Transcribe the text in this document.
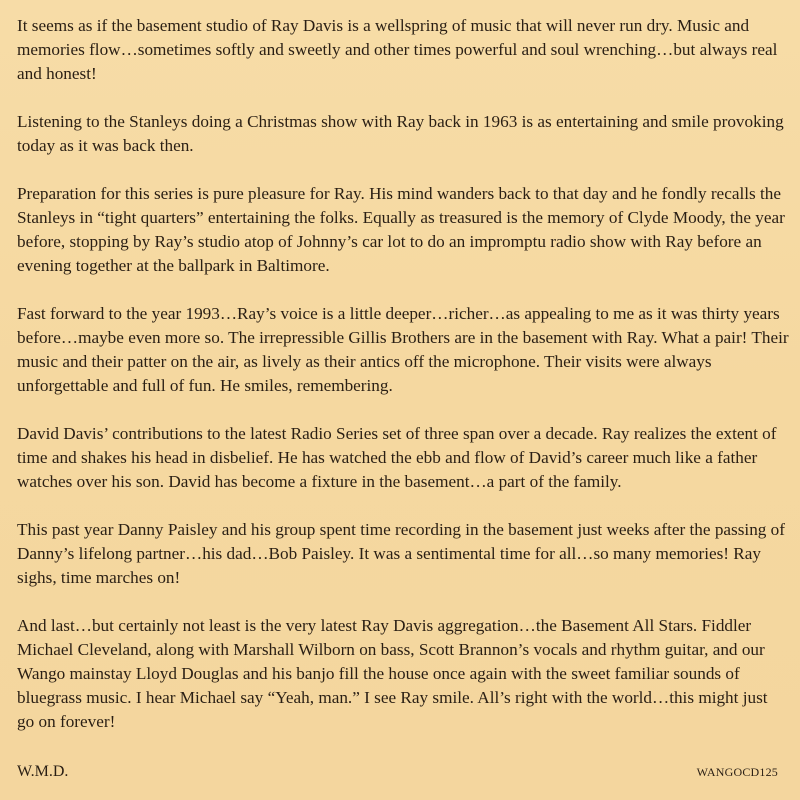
It seems as if the basement studio of Ray Davis is a wellspring of music that will never run dry. Music and memories flow…sometimes softly and sweetly and other times powerful and soul wrenching…but always real and honest!

Listening to the Stanleys doing a Christmas show with Ray back in 1963 is as entertaining and smile provoking today as it was back then.

Preparation for this series is pure pleasure for Ray. His mind wanders back to that day and he fondly recalls the Stanleys in “tight quarters” entertaining the folks. Equally as treasured is the memory of Clyde Moody, the year before, stopping by Ray’s studio atop of Johnny’s car lot to do an impromptu radio show with Ray before an evening together at the ballpark in Baltimore.

Fast forward to the year 1993…Ray’s voice is a little deeper…richer…as appealing to me as it was thirty years before…maybe even more so. The irrepressible Gillis Brothers are in the basement with Ray. What a pair! Their music and their patter on the air, as lively as their antics off the microphone. Their visits were always unforgettable and full of fun. He smiles, remembering.

David Davis’ contributions to the latest Radio Series set of three span over a decade. Ray realizes the extent of time and shakes his head in disbelief. He has watched the ebb and flow of David’s career much like a father watches over his son. David has become a fixture in the basement…a part of the family.

This past year Danny Paisley and his group spent time recording in the basement just weeks after the passing of Danny’s lifelong partner…his dad…Bob Paisley. It was a sentimental time for all…so many memories! Ray sighs, time marches on!

And last…but certainly not least is the very latest Ray Davis aggregation…the Basement All Stars. Fiddler Michael Cleveland, along with Marshall Wilborn on bass, Scott Brannon’s vocals and rhythm guitar, and our Wango mainstay Lloyd Douglas and his banjo fill the house once again with the sweet familiar sounds of bluegrass music. I hear Michael say “Yeah, man.” I see Ray smile. All’s right with the world…this might just go on forever!

W.M.D.	WANGOCD125
